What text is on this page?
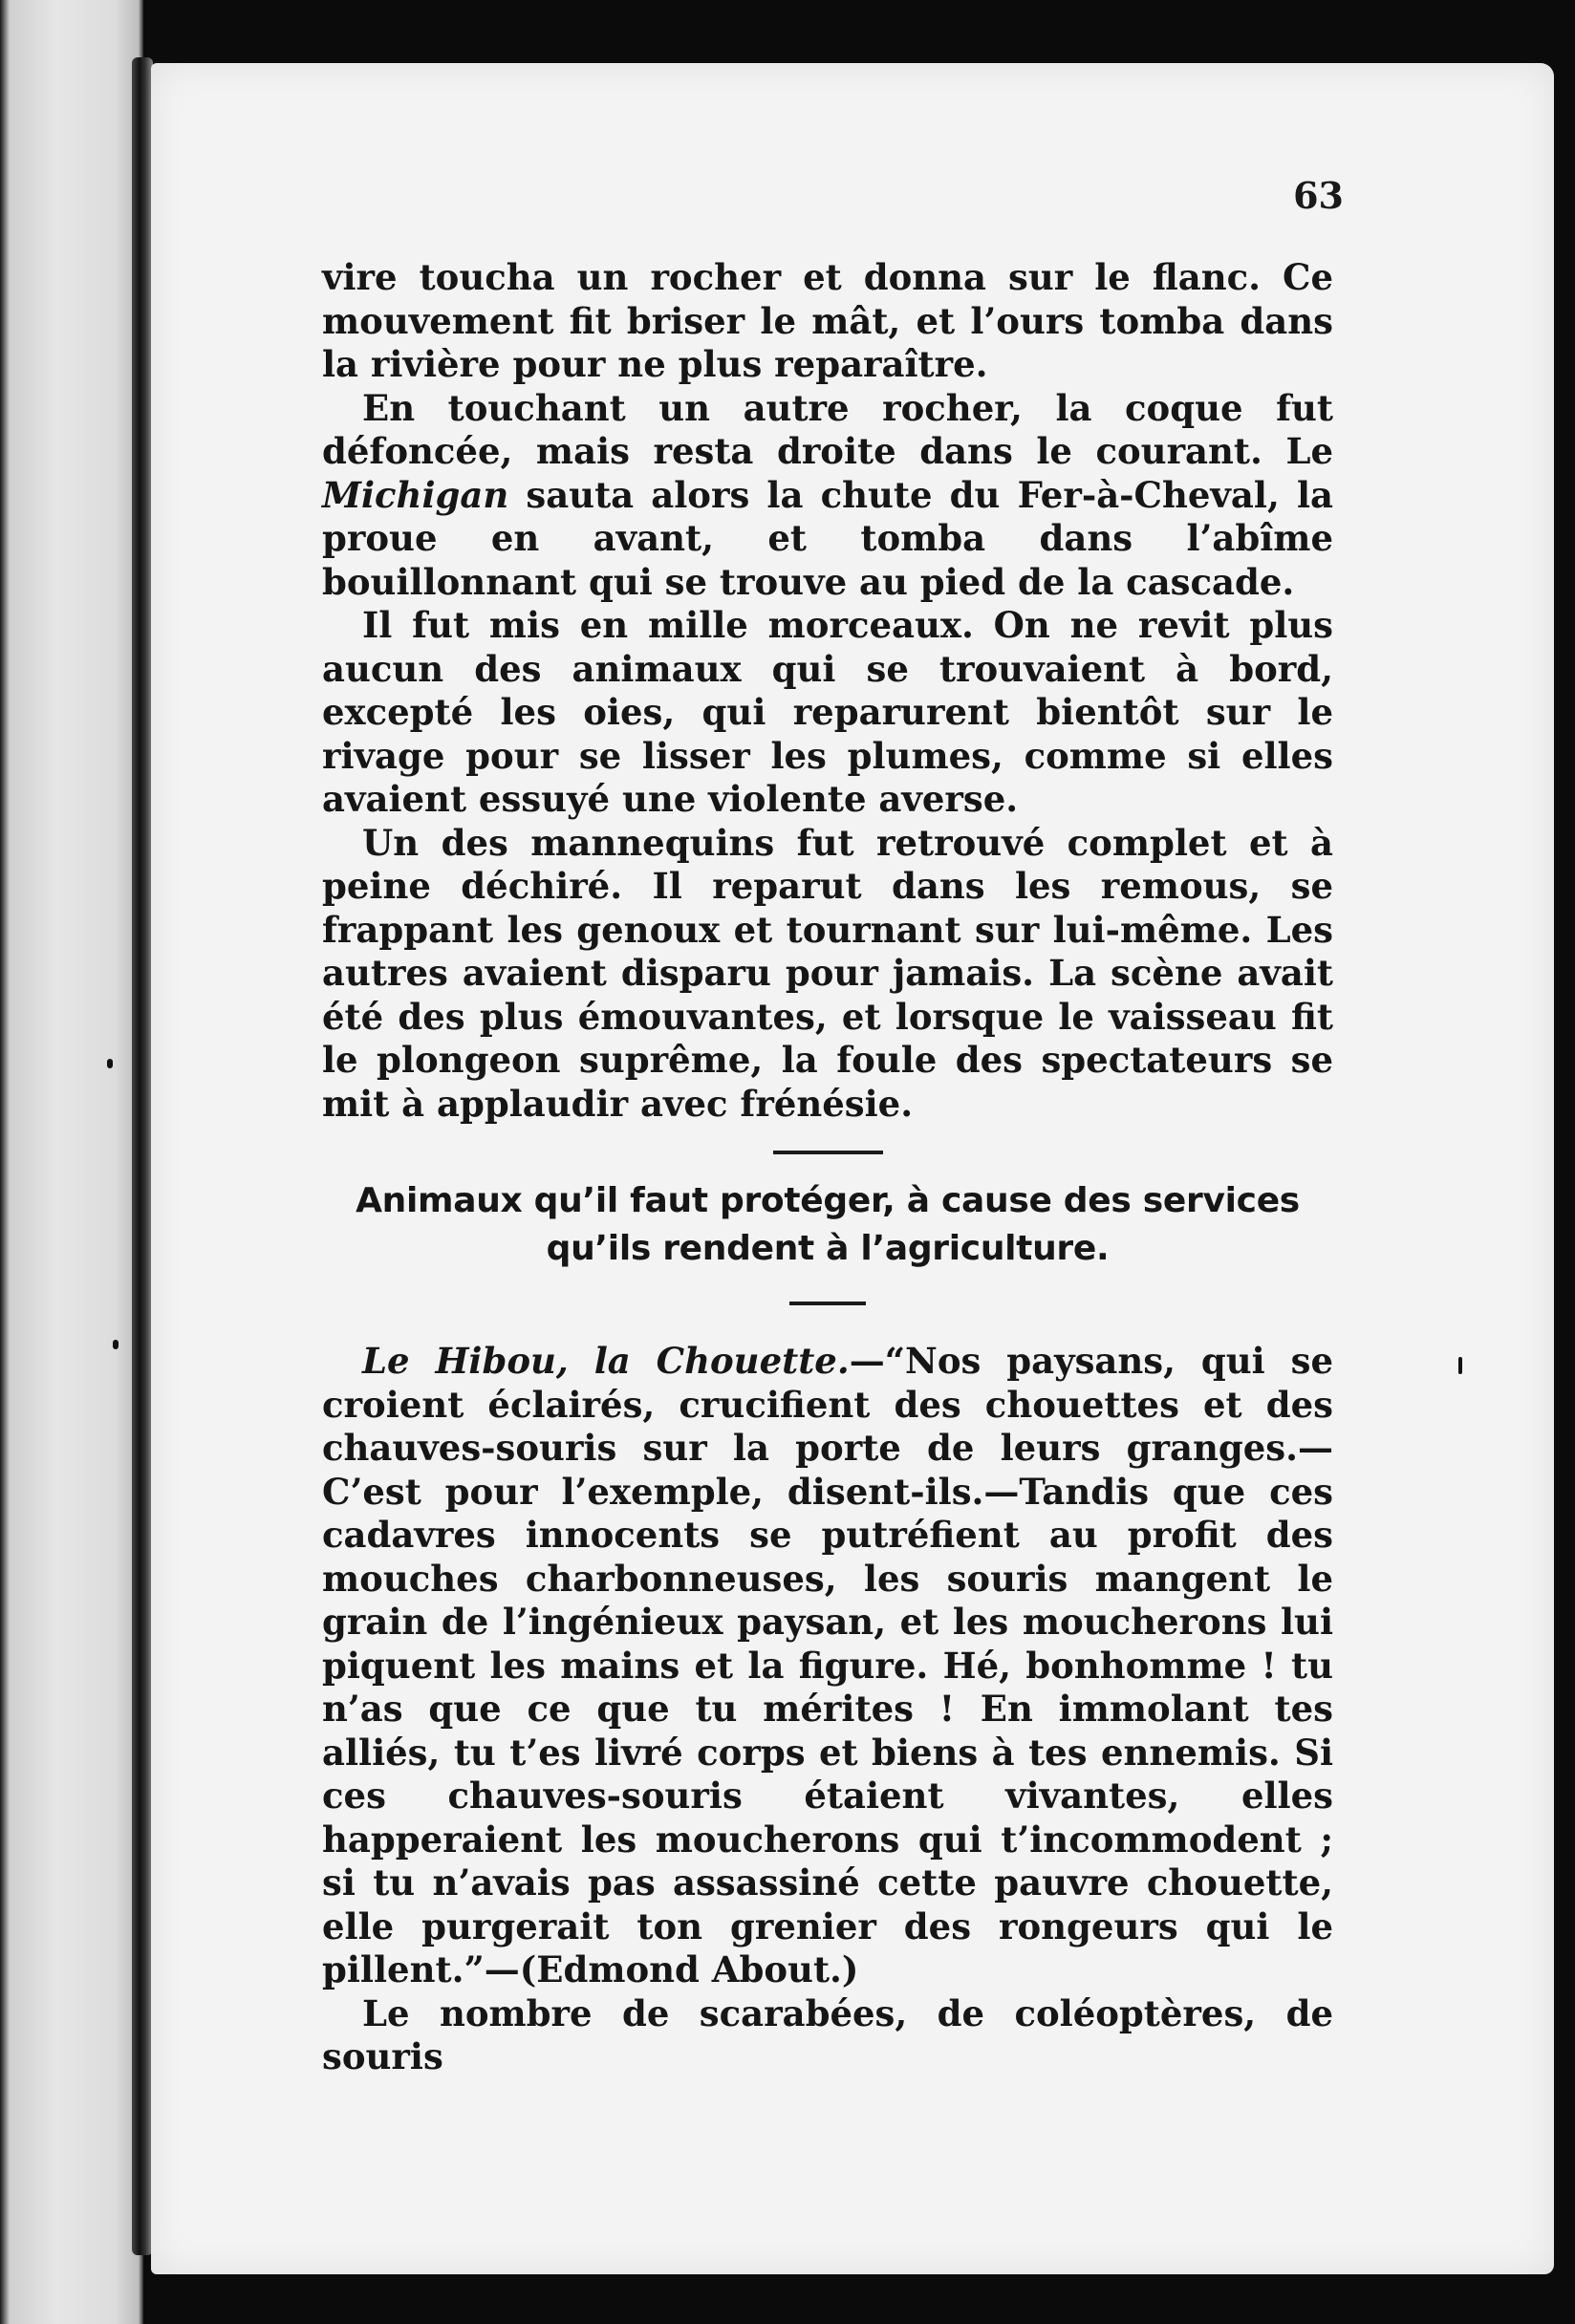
63

vire toucha un rocher et donna sur le flanc. Ce mouvement fit briser le mât, et l’ours tomba dans la rivière pour ne plus reparaître.

En touchant un autre rocher, la coque fut défoncée, mais resta droite dans le courant. Le Michigan sauta alors la chute du Fer-à-Cheval, la proue en avant, et tomba dans l’abîme bouillonnant qui se trouve au pied de la cascade.

Il fut mis en mille morceaux. On ne revit plus aucun des animaux qui se trouvaient à bord, excepté les oies, qui reparurent bientôt sur le rivage pour se lisser les plumes, comme si elles avaient essuyé une violente averse.

Un des mannequins fut retrouvé complet et à peine déchiré. Il reparut dans les remous, se frappant les genoux et tournant sur lui-même. Les autres avaient disparu pour jamais. La scène avait été des plus émouvantes, et lorsque le vaisseau fit le plongeon suprême, la foule des spectateurs se mit à applaudir avec frénésie.

Animaux qu’il faut protéger, à cause des services

qu’ils rendent à l’agriculture.

Le Hibou, la Chouette.—“Nos paysans, qui se croient éclairés, crucifient des chouettes et des chauves-souris sur la porte de leurs granges.—C’est pour l’exemple, disent-ils.—Tandis que ces cadavres innocents se putréfient au profit des mouches charbonneuses, les souris mangent le grain de l’ingénieux paysan, et les moucherons lui piquent les mains et la figure. Hé, bonhomme ! tu n’as que ce que tu mérites ! En immolant tes alliés, tu t’es livré corps et biens à tes ennemis. Si ces chauves-souris étaient vivantes, elles happeraient les moucherons qui t’incommodent ; si tu n’avais pas assassiné cette pauvre chouette, elle purgerait ton grenier des rongeurs qui le pillent.”—(Edmond About.)

Le nombre de scarabées, de coléoptères, de souris
